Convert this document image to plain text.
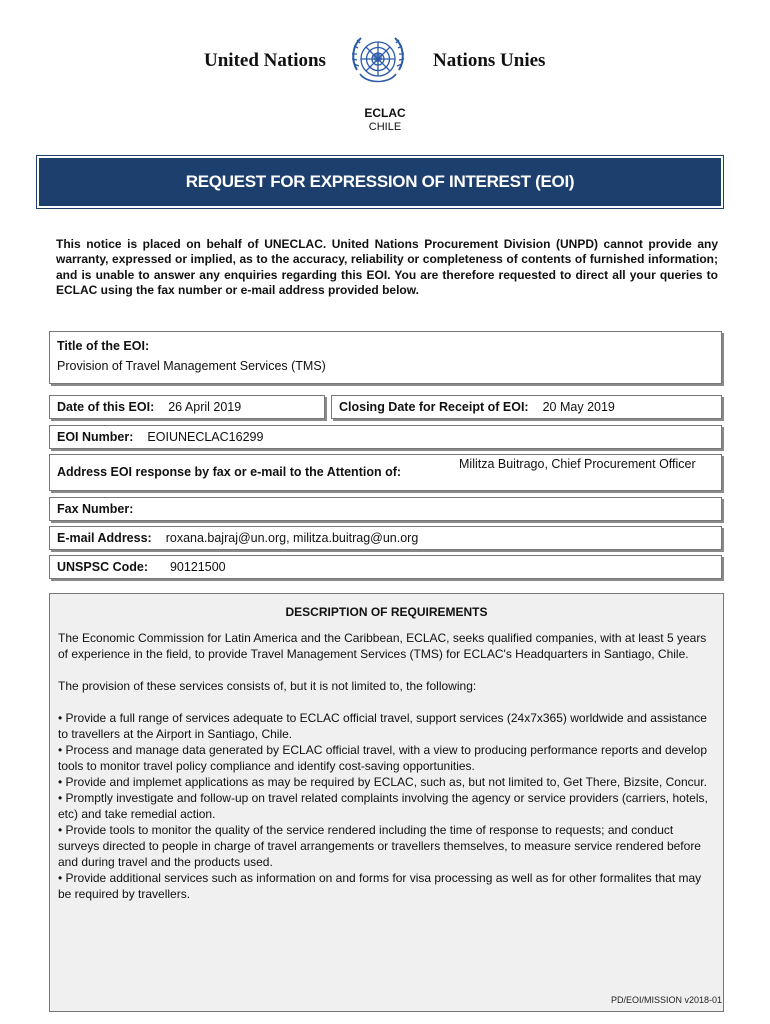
United Nations	Nations Unies
ECLAC
CHILE
REQUEST FOR EXPRESSION OF INTEREST (EOI)
This notice is placed on behalf of UNECLAC. United Nations Procurement Division (UNPD) cannot provide any warranty, expressed or implied, as to the accuracy, reliability or completeness of contents of furnished information; and is unable to answer any enquiries regarding this EOI. You are therefore requested to direct all your queries to ECLAC using the fax number or e-mail address provided below.
Title of the EOI:
Provision of Travel Management Services (TMS)
Date of this EOI: 26 April 2019	Closing Date for Receipt of EOI: 20 May 2019
EOI Number: EOIUNECLAC16299
Address EOI response by fax or e-mail to the Attention of:
Militza Buitrago, Chief Procurement Officer
Fax Number:
E-mail Address: roxana.bajraj@un.org, militza.buitrag@un.org
UNSPSC Code: 90121500
DESCRIPTION OF REQUIREMENTS

The Economic Commission for Latin America and the Caribbean, ECLAC, seeks qualified companies, with at least 5 years of experience in the field, to provide Travel Management Services (TMS) for ECLAC's Headquarters in Santiago, Chile.

The provision of these services consists of, but it is not limited to, the following:

• Provide a full range of services adequate to ECLAC official travel, support services (24x7x365) worldwide and assistance to travellers at the Airport in Santiago, Chile.
• Process and manage data generated by ECLAC official travel, with a view to producing performance reports and develop tools to monitor travel policy compliance and identify cost-saving opportunities.
• Provide and implemet applications as may be required by ECLAC, such as, but not limited to, Get There, Bizsite, Concur.
• Promptly investigate and follow-up on travel related complaints involving the agency or service providers (carriers, hotels, etc) and take remedial action.
• Provide tools to monitor the quality of the service rendered including the time of response to requests; and conduct surveys directed to people in charge of travel arrangements or travellers themselves, to measure service rendered before and during travel and the products used.
• Provide additional services such as information on and forms for visa processing as well as for other formalites that may be required by travellers.
PD/EOI/MISSION v2018-01
